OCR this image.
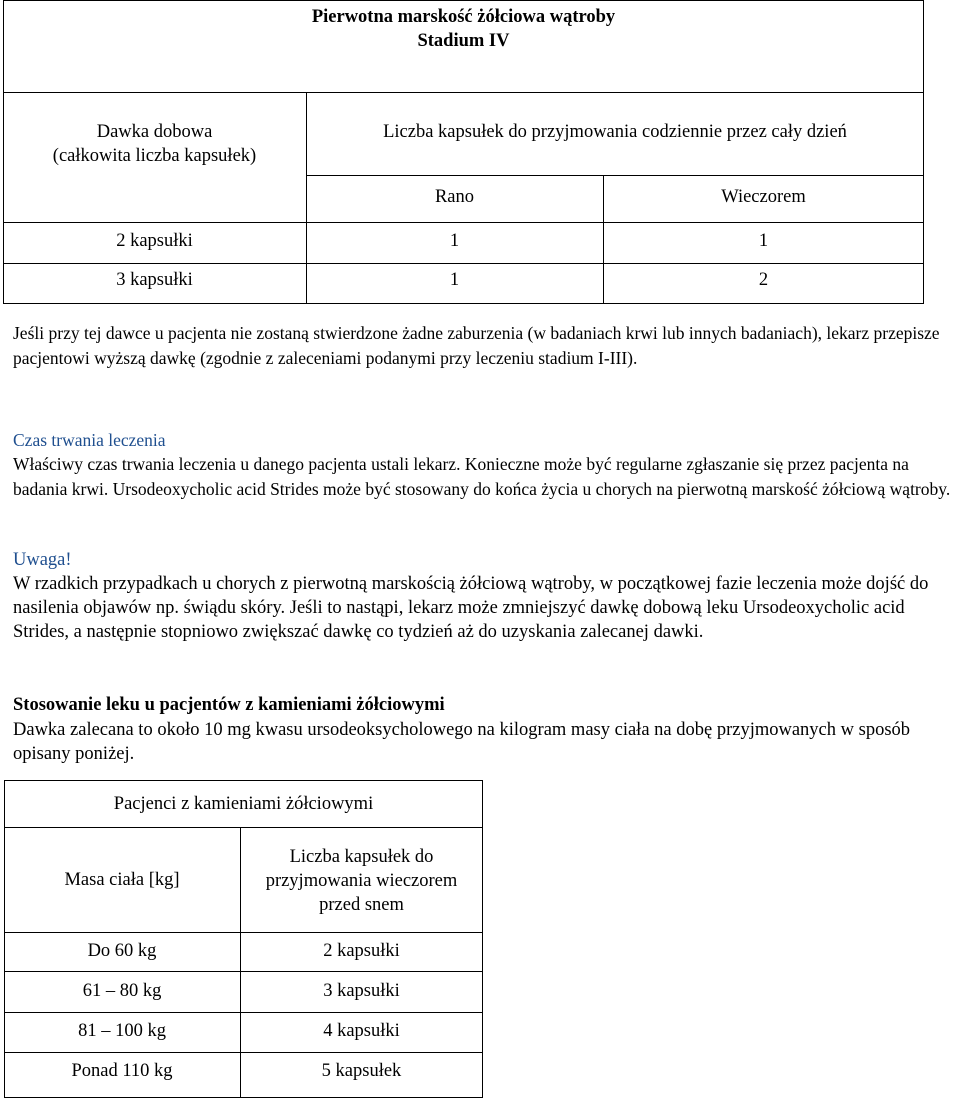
Pierwotna marskość żółciowa wątroby
Stadium IV
Dawka dobowa
(całkowita liczba kapsułek)
Liczba kapsułek do przyjmowania codziennie przez cały dzień
Rano	Wieczorem
2 kapsułki	1	1
3 kapsułki	1	2

Jeśli przy tej dawce u pacjenta nie zostaną stwierdzone żadne zaburzenia (w badaniach krwi lub innych badaniach), lekarz przepisze pacjentowi wyższą dawkę (zgodnie z zaleceniami podanymi przy leczeniu stadium I-III).

Czas trwania leczenia
Właściwy czas trwania leczenia u danego pacjenta ustali lekarz. Konieczne może być regularne zgłaszanie się przez pacjenta na badania krwi. Ursodeoxycholic acid Strides może być stosowany do końca życia u chorych na pierwotną marskość żółciową wątroby.
Uwaga!
W rzadkich przypadkach u chorych z pierwotną marskością żółciową wątroby, w początkowej fazie leczenia może dojść do nasilenia objawów np. świądu skóry. Jeśli to nastąpi, lekarz może zmniejszyć dawkę dobową leku Ursodeoxycholic acid Strides, a następnie stopniowo zwiększać dawkę co tydzień aż do uzyskania zalecanej dawki.
Stosowanie leku u pacjentów z kamieniami żółciowymi
Dawka zalecana to około 10 mg kwasu ursodeoksycholowego na kilogram masy ciała na dobę przyjmowanych w sposób opisany poniżej.
Pacjenci z kamieniami żółciowymi
Masa ciała [kg]
Liczba kapsułek do przyjmowania wieczorem przed snem
Do 60 kg	2 kapsułki
61 – 80 kg	3 kapsułki
81 – 100 kg	4 kapsułki
Ponad 110 kg	5 kapsułek
